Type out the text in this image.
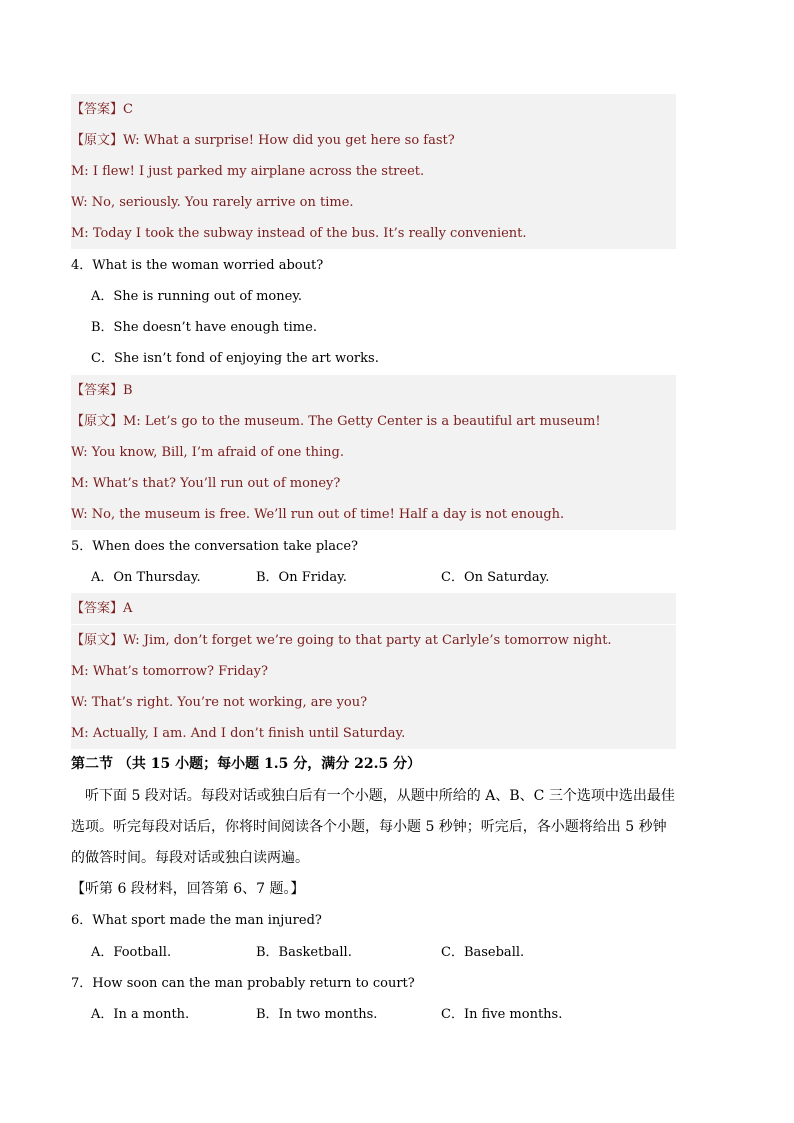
【答案】C
【原文】W: What a surprise! How did you get here so fast?
M: I flew! I just parked my airplane across the street.
W: No, seriously. You rarely arrive on time.
M: Today I took the subway instead of the bus. It’s really convenient.
4．What is the woman worried about?
A．She is running out of money.
B．She doesn’t have enough time.
C．She isn’t fond of enjoying the art works.
【答案】B
【原文】M: Let’s go to the museum. The Getty Center is a beautiful art museum!
W: You know, Bill, I’m afraid of one thing.
M: What’s that? You’ll run out of money?
W: No, the museum is free. We’ll run out of time! Half a day is not enough.
5．When does the conversation take place?
A．On Thursday.	B．On Friday.	C．On Saturday.
【答案】A
【原文】W: Jim, don’t forget we’re going to that party at Carlyle’s tomorrow night.
M: What’s tomorrow? Friday?
W: That’s right. You’re not working, are you?
M: Actually, I am. And I don’t finish until Saturday.
第二节 （共 15 小题；每小题 1.5 分，满分 22.5 分）
听下面 5 段对话。每段对话或独白后有一个小题，从题中所给的 A、B、C 三个选项中选出最佳选项。听完每段对话后，你将时间阅读各个小题，每小题 5 秒钟；听完后，各小题将给出 5 秒钟的做答时间。每段对话或独白读两遍。
【听第 6 段材料，回答第 6、7 题。】
6．What sport made the man injured?
A．Football.	B．Basketball.	C．Baseball.
7．How soon can the man probably return to court?
A．In a month.	B．In two months.	C．In five months.
